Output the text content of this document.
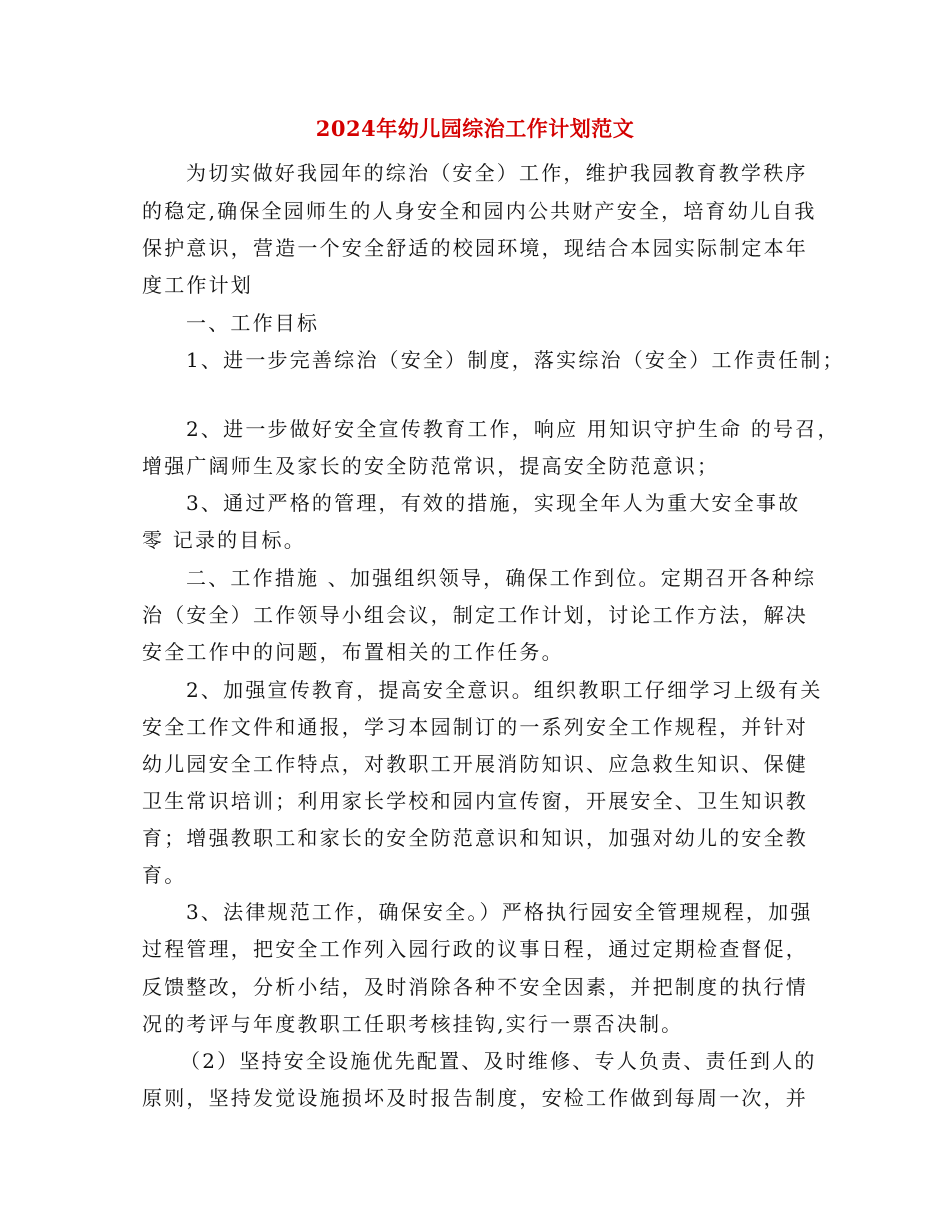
2024年幼儿园综治工作计划范文
为切实做好我园年的综治（安全）工作，维护我园教育教学秩序
的稳定,确保全园师生的人身安全和园内公共财产安全，培育幼儿自我
保护意识，营造一个安全舒适的校园环境，现结合本园实际制定本年
度工作计划
一、工作目标
1、进一步完善综治（安全）制度，落实综治（安全）工作责任制；
2、进一步做好安全宣传教育工作，响应 用知识守护生命 的号召，
增强广阔师生及家长的安全防范常识，提高安全防范意识；
3、通过严格的管理，有效的措施，实现全年人为重大安全事故
零 记录的目标。
二、工作措施 、加强组织领导，确保工作到位。定期召开各种综
治（安全）工作领导小组会议，制定工作计划，讨论工作方法，解决
安全工作中的问题，布置相关的工作任务。
2、加强宣传教育，提高安全意识。组织教职工仔细学习上级有关
安全工作文件和通报，学习本园制订的一系列安全工作规程，并针对
幼儿园安全工作特点，对教职工开展消防知识、应急救生知识、保健
卫生常识培训；利用家长学校和园内宣传窗，开展安全、卫生知识教
育；增强教职工和家长的安全防范意识和知识，加强对幼儿的安全教
育。
3、法律规范工作，确保安全。）严格执行园安全管理规程，加强
过程管理，把安全工作列入园行政的议事日程，通过定期检查督促，
反馈整改，分析小结，及时消除各种不安全因素，并把制度的执行情
况的考评与年度教职工任职考核挂钩,实行一票否决制。
（2）坚持安全设施优先配置、及时维修、专人负责、责任到人的
原则，坚持发觉设施损坏及时报告制度，安检工作做到每周一次，并
